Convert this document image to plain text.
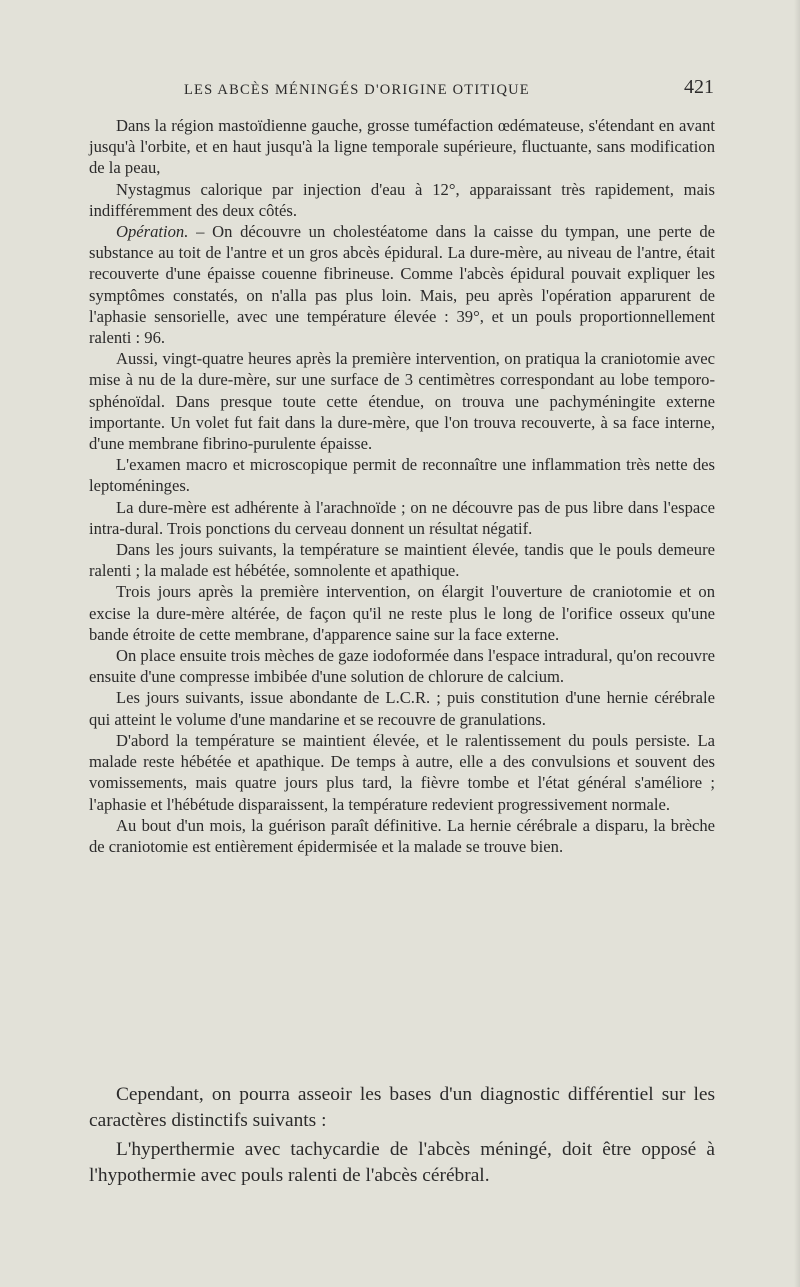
LES ABCÈS MÉNINGÉS D'ORIGINE OTITIQUE	421

Dans la région mastoïdienne gauche, grosse tuméfaction œdémateuse, s'étendant en avant jusqu'à l'orbite, et en haut jusqu'à la ligne temporale supérieure, fluctuante, sans modification de la peau,

Nystagmus calorique par injection d'eau à 12°, apparaissant très rapidement, mais indifféremment des deux côtés.

Opération. – On découvre un cholestéatome dans la caisse du tympan, une perte de substance au toit de l'antre et un gros abcès épidural. La dure-mère, au niveau de l'antre, était recouverte d'une épaisse couenne fibrineuse. Comme l'abcès épidural pouvait expliquer les symptômes constatés, on n'alla pas plus loin. Mais, peu après l'opération apparurent de l'aphasie sensorielle, avec une température élevée : 39°, et un pouls proportionnellement ralenti : 96.

Aussi, vingt-quatre heures après la première intervention, on pratiqua la craniotomie avec mise à nu de la dure-mère, sur une surface de 3 centimètres correspondant au lobe temporo-sphénoïdal. Dans presque toute cette étendue, on trouva une pachyméningite externe importante. Un volet fut fait dans la dure-mère, que l'on trouva recouverte, à sa face interne, d'une membrane fibrino-purulente épaisse.

L'examen macro et microscopique permit de reconnaître une inflammation très nette des leptoméninges.

La dure-mère est adhérente à l'arachnoïde ; on ne découvre pas de pus libre dans l'espace intra-dural. Trois ponctions du cerveau donnent un résultat négatif.

Dans les jours suivants, la température se maintient élevée, tandis que le pouls demeure ralenti ; la malade est hébétée, somnolente et apathique.

Trois jours après la première intervention, on élargit l'ouverture de craniotomie et on excise la dure-mère altérée, de façon qu'il ne reste plus le long de l'orifice osseux qu'une bande étroite de cette membrane, d'apparence saine sur la face externe.

On place ensuite trois mèches de gaze iodoformée dans l'espace intradural, qu'on recouvre ensuite d'une compresse imbibée d'une solution de chlorure de calcium.

Les jours suivants, issue abondante de L.C.R. ; puis constitution d'une hernie cérébrale qui atteint le volume d'une mandarine et se recouvre de granulations.

D'abord la température se maintient élevée, et le ralentissement du pouls persiste. La malade reste hébétée et apathique. De temps à autre, elle a des convulsions et souvent des vomissements, mais quatre jours plus tard, la fièvre tombe et l'état général s'améliore ; l'aphasie et l'hébétude disparaissent, la température redevient progressivement normale.

Au bout d'un mois, la guérison paraît définitive. La hernie cérébrale a disparu, la brèche de craniotomie est entièrement épidermisée et la malade se trouve bien.

Cependant, on pourra asseoir les bases d'un diagnostic différentiel sur les caractères distinctifs suivants :

L'hyperthermie avec tachycardie de l'abcès méningé, doit être opposé à l'hypothermie avec pouls ralenti de l'abcès cérébral.
